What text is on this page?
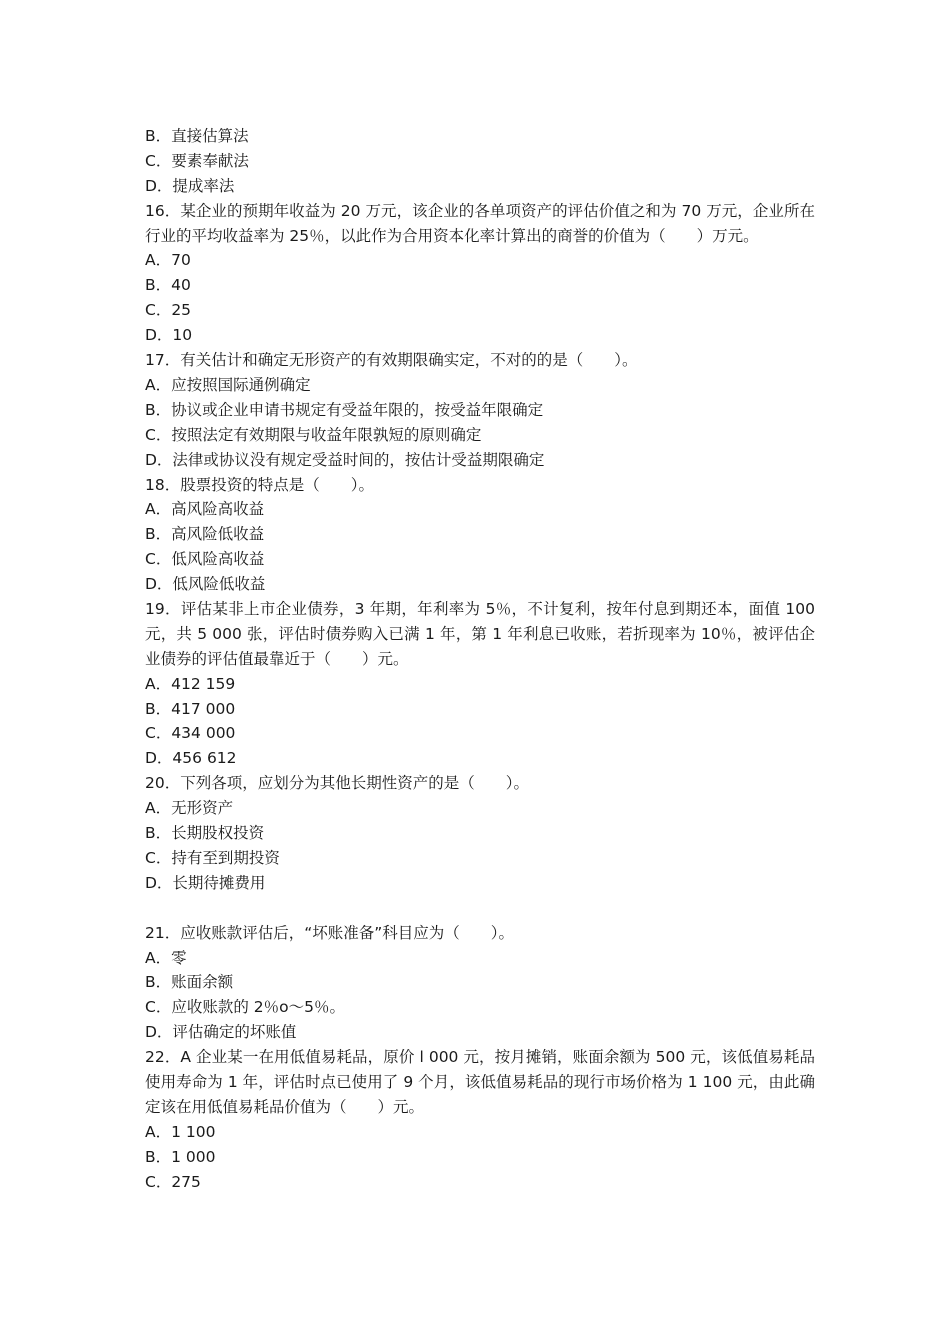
B．直接估算法
C．要素奉献法
D．提成率法
16．某企业的预期年收益为 20 万元，该企业的各单项资产的评估价值之和为 70 万元，企业所在行业的平均收益率为 25％，以此作为合用资本化率计算出的商誉的价值为（　　）万元。
A．70
B．40
C．25
D．10
17．有关估计和确定无形资产的有效期限确实定，不对的的是（　　）。
A．应按照国际通例确定
B．协议或企业申请书规定有受益年限的，按受益年限确定
C．按照法定有效期限与收益年限孰短的原则确定
D．法律或协议没有规定受益时间的，按估计受益期限确定
18．股票投资的特点是（　　）。
A．高风险高收益
B．高风险低收益
C．低风险高收益
D．低风险低收益
19．评估某非上市企业债券，3 年期，年利率为 5％，不计复利，按年付息到期还本，面值 100 元，共 5 000 张，评估时债券购入已满 1 年，第 1 年利息已收账，若折现率为 10％，被评估企业债券的评估值最靠近于（　　）元。
A．412 159
B．417 000
C．434 000
D．456 612
20．下列各项，应划分为其他长期性资产的是（　　）。
A．无形资产
B．长期股权投资
C．持有至到期投资
D．长期待摊费用
21．应收账款评估后，“坏账准备”科目应为（　　）。
A．零
B．账面余额
C．应收账款的 2％o～5％。
D．评估确定的坏账值
22．A 企业某一在用低值易耗品，原价 l 000 元，按月摊销，账面余额为 500 元，该低值易耗品使用寿命为 1 年，评估时点已使用了 9 个月，该低值易耗品的现行市场价格为 1 100 元，由此确定该在用低值易耗品价值为（　　）元。
A．1 100
B．1 000
C．275
